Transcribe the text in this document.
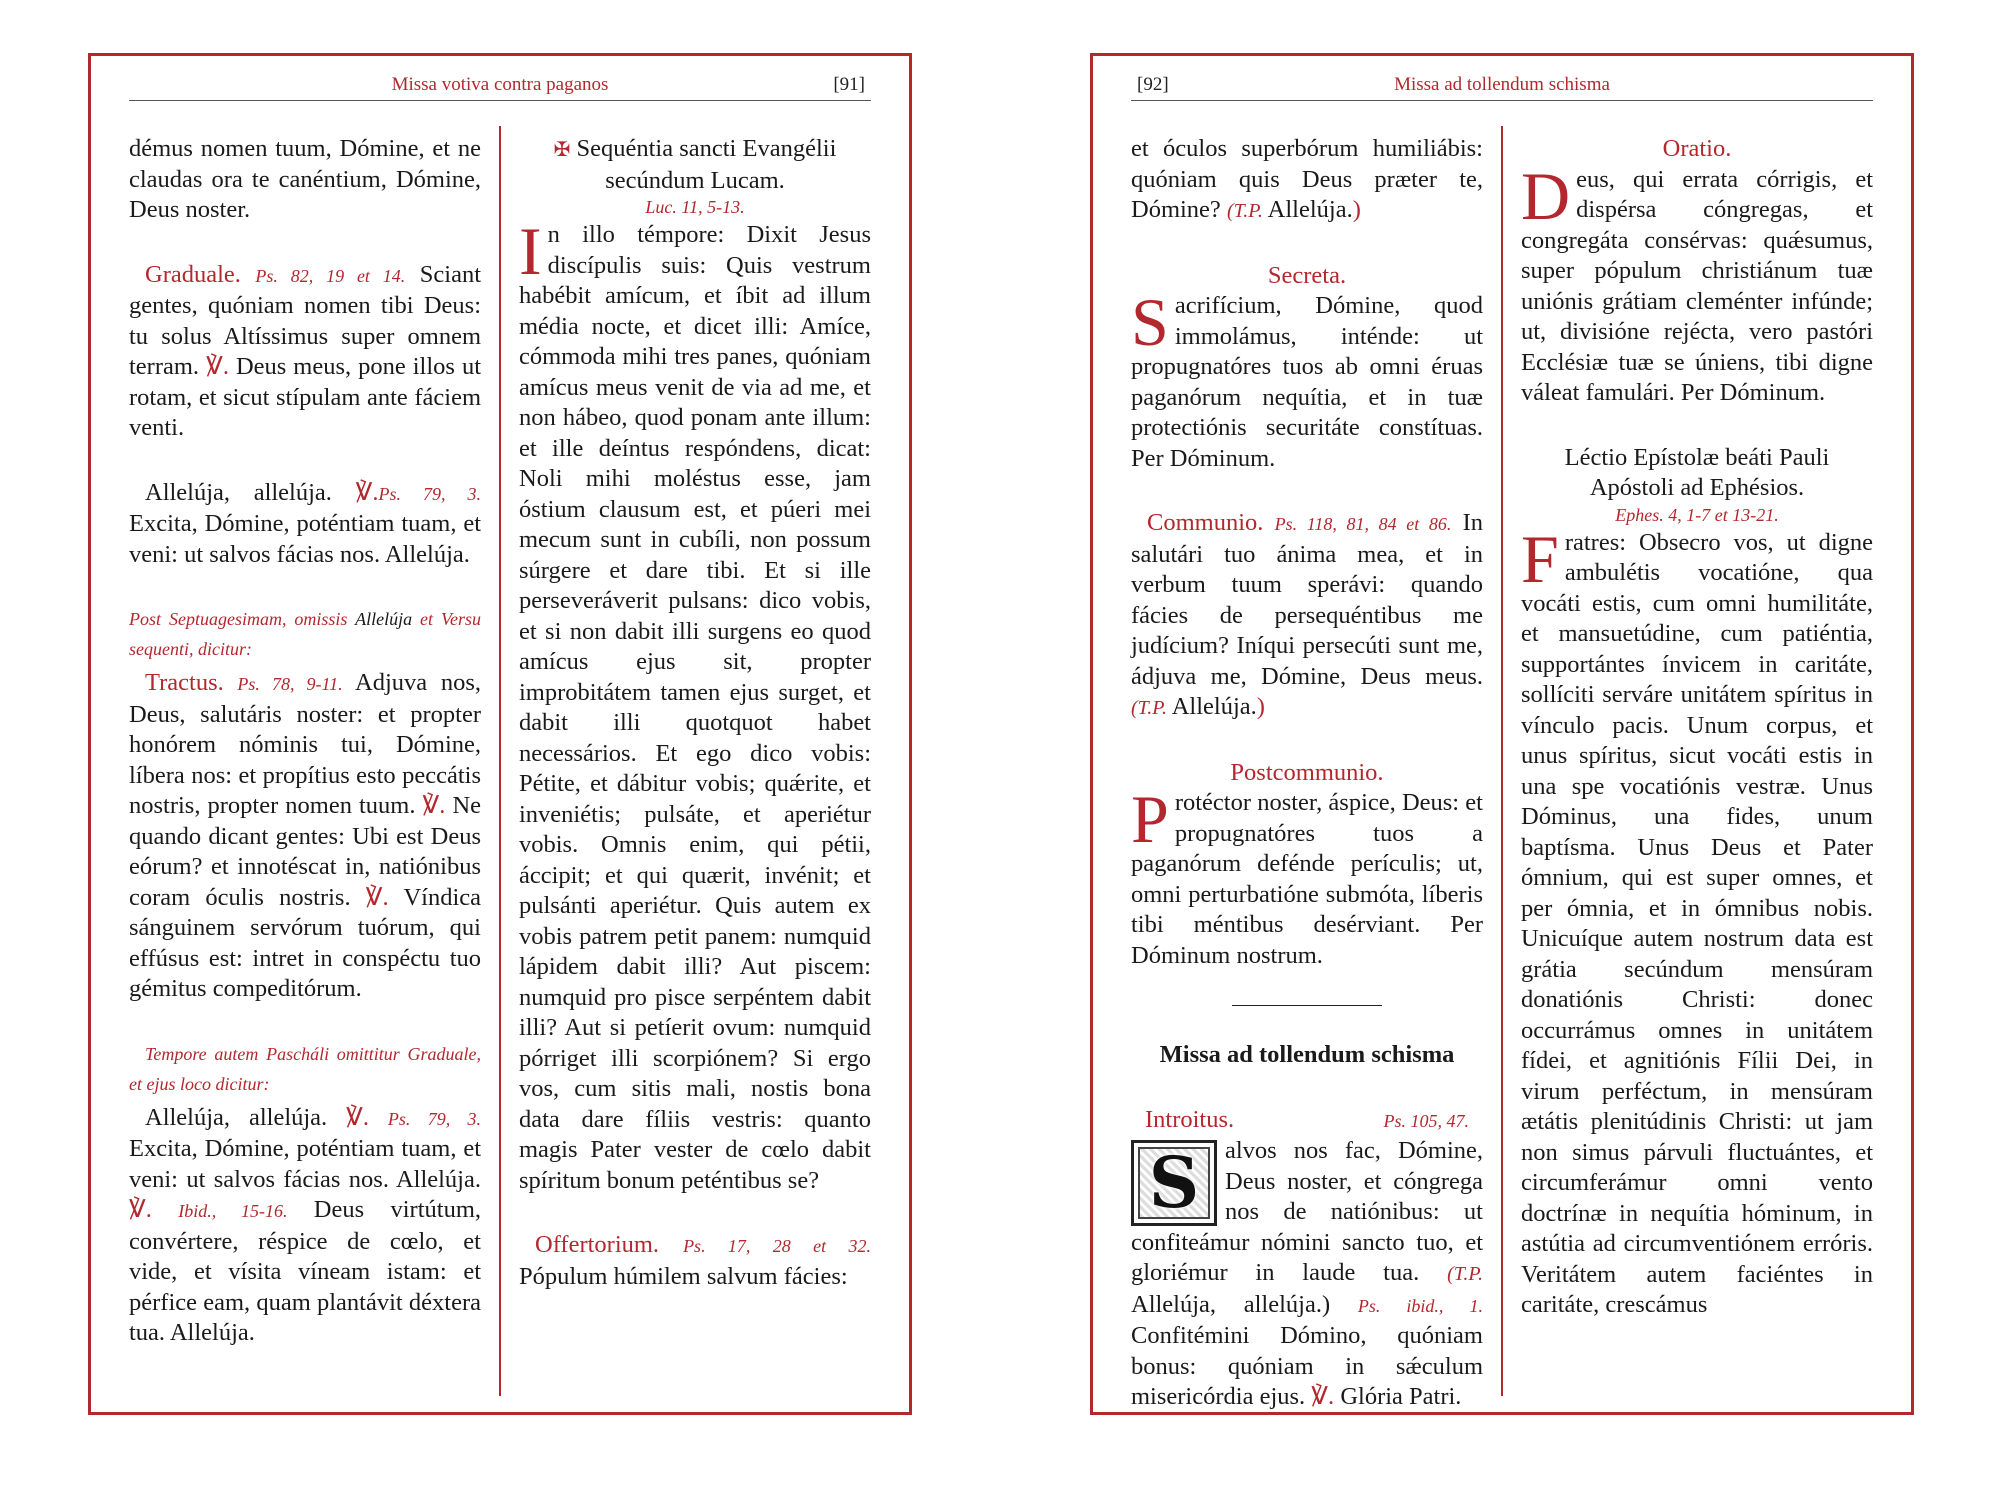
Missa votiva contra paganos	[91]

démus nomen tuum, Dómine, et ne claudas ora te canéntium, Dómine, Deus noster.

Graduale. Ps. 82, 19 et 14. Sciant gentes, quóniam nomen tibi Deus: tu solus Altíssimus super omnem terram. ℣. Deus meus, pone illos ut rotam, et sicut stípulam ante fáciem venti.

Allelúja, allelúja. ℣.Ps. 79, 3. Excita, Dómine, poténtiam tuam, et veni: ut salvos fácias nos. Allelúja.

Post Septuagesimam, omissis Allelúja et Versu sequenti, dicitur:

Tractus. Ps. 78, 9-11. Adjuva nos, Deus, salutáris noster: et propter honórem nóminis tui, Dómine, líbera nos: et propítius esto peccátis nostris, propter nomen tuum. ℣. Ne quando dicant gentes: Ubi est Deus eórum? et innotéscat in, natiónibus coram óculis nostris. ℣. Víndica sánguinem servórum tuórum, qui effúsus est: intret in conspéctu tuo gémitus compeditórum.

Tempore autem Pascháli omittitur Graduale, et ejus loco dicitur:

Allelúja, allelúja. ℣. Ps. 79, 3. Excita, Dómine, poténtiam tuam, et veni: ut salvos fácias nos. Allelúja. ℣. Ibid., 15-16. Deus virtútum, convértere, réspice de cœlo, et vide, et vísita víneam istam: et pérfice eam, quam plantávit déxtera tua. Allelúja.

✠ Sequéntia sancti Evangélii secúndum Lucam.
Luc. 11, 5-13.

In illo témpore: Dixit Jesus discípulis suis: Quis vestrum habébit amícum, et íbit ad illum média nocte, et dicet illi: Amíce, cómmoda mihi tres panes, quóniam amícus meus venit de via ad me, et non hábeo, quod ponam ante illum: et ille deíntus respóndens, dicat: Noli mihi moléstus esse, jam óstium clausum est, et púeri mei mecum sunt in cubíli, non possum súrgere et dare tibi. Et si ille perseveráverit pulsans: dico vobis, et si non dabit illi surgens eo quod amícus ejus sit, propter improbitátem tamen ejus surget, et dabit illi quotquot habet necessários. Et ego dico vobis: Pétite, et dábitur vobis; quǽrite, et inveniétis; pulsáte, et aperiétur vobis. Omnis enim, qui pétii, áccipit; et qui quærit, invénit; et pulsánti aperiétur. Quis autem ex vobis patrem petit panem: numquid lápidem dabit illi? Aut piscem: numquid pro pisce serpéntem dabit illi? Aut si petíerit ovum: numquid pórriget illi scorpiónem? Si ergo vos, cum sitis mali, nostis bona data dare fíliis vestris: quanto magis Pater vester de cœlo dabit spíritum bonum peténtibus se?

Offertorium. Ps. 17, 28 et 32. Pópulum húmilem salvum fácies:

[92]	Missa ad tollendum schisma

et óculos superbórum humiliábis: quóniam quis Deus præter te, Dómine? (T.P. Allelúja.)

Secreta.

Sacrifícium, Dómine, quod immolámus, inténde: ut propugnatóres tuos ab omni éruas paganórum nequítia, et in tuæ protectiónis securitáte constítuas. Per Dóminum.

Communio. Ps. 118, 81, 84 et 86. In salutári tuo ánima mea, et in verbum tuum sperávi: quando fácies de persequéntibus me judícium? Iníqui persecúti sunt me, ádjuva me, Dómine, Deus meus. (T.P. Allelúja.)

Postcommunio.

Protéctor noster, áspice, Deus: et propugnatóres tuos a paganórum defénde perículis; ut, omni perturbatióne submóta, líberis tibi méntibus desérviant. Per Dóminum nostrum.

Missa ad tollendum schisma
Introitus.	Ps. 105, 47.

S	alvos nos fac, Dómine, Deus noster, et cóngrega nos de natiónibus: ut confiteámur nómini sancto tuo, et gloriémur in laude tua. (T.P. Allelúja, allelúja.) Ps. ibid., 1. Confitémini Dómino, quóniam bonus: quóniam in sǽculum misericórdia ejus. ℣. Glória Patri.

Oratio.

Deus, qui errata córrigis, et dispérsa cóngregas, et congregáta consérvas: quǽsumus, super pópulum christiánum tuæ uniónis grátiam cleménter infúnde; ut, divisióne rejécta, vero pastóri Ecclésiæ tuæ se úniens, tibi digne váleat famulári. Per Dóminum.

Léctio Epístolæ beáti Pauli Apóstoli ad Ephésios.
Ephes. 4, 1-7 et 13-21.

Fratres: Obsecro vos, ut digne ambulétis vocatióne, qua vocáti estis, cum omni humilitáte, et mansuetúdine, cum patiéntia, supportántes ínvicem in caritáte, sollíciti serváre unitátem spíritus in vínculo pacis. Unum corpus, et unus spíritus, sicut vocáti estis in una spe vocatiónis vestræ. Unus Dóminus, una fides, unum baptísma. Unus Deus et Pater ómnium, qui est super omnes, et per ómnia, et in ómnibus nobis. Unicuíque autem nostrum data est grátia secúndum mensúram donatiónis Christi: donec occurrámus omnes in unitátem fídei, et agnitiónis Fílii Dei, in virum perféctum, in mensúram ætátis plenitúdinis Christi: ut jam non simus párvuli fluctuántes, et circumferámur omni vento doctrínæ in nequítia hóminum, in astútia ad circumventiónem erróris. Veritátem autem faciéntes in caritáte, crescámus
